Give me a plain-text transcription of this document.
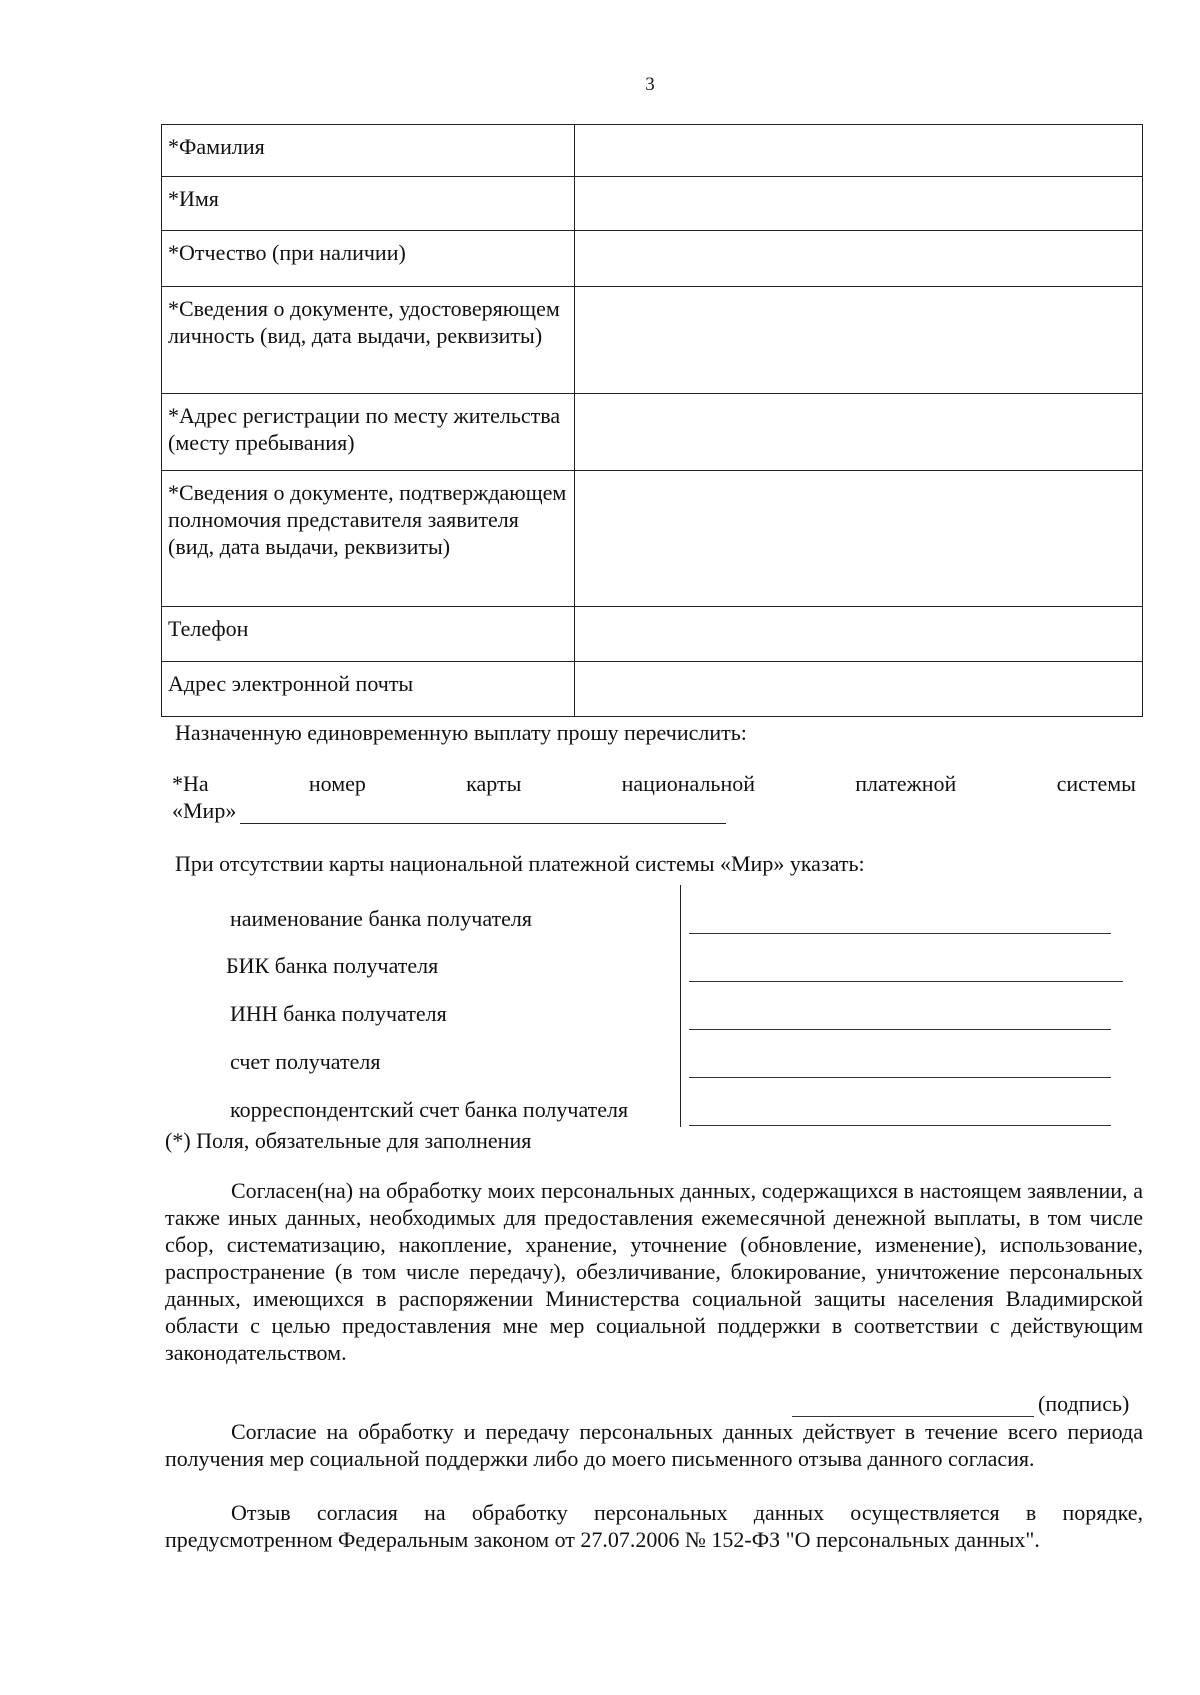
3
*Фамилия	
*Имя	
*Отчество (при наличии)	
*Сведения о документе, удостоверяющем личность (вид, дата выдачи, реквизиты)	
*Адрес регистрации по месту жительства (месту пребывания)	
*Сведения о документе, подтверждающем полномочия представителя заявителя (вид, дата выдачи, реквизиты)	
Телефон	
Адрес электронной почты	
Назначенную единовременную выплату прошу перечислить:
*На	номер	карты	национальной	платежной	системы
«Мир»
При отсутствии карты национальной платежной системы «Мир» указать:
наименование банка получателя
БИК банка получателя
ИНН банка получателя
счет получателя
корреспондентский счет банка получателя
(*) Поля, обязательные для заполнения

Согласен(на) на обработку моих персональных данных, содержащихся в настоящем заявлении, а также иных данных, необходимых для предоставления ежемесячной денежной выплаты, в том числе сбор, систематизацию, накопление, хранение, уточнение (обновление, изменение), использование, распространение (в том числе передачу), обезличивание, блокирование, уничтожение персональных данных, имеющихся в распоряжении Министерства социальной защиты населения Владимирской области с целью предоставления мне мер социальной поддержки в соответствии с действующим законодательством.

(подпись)

Согласие на обработку и передачу персональных данных действует в течение всего периода получения мер социальной поддержки либо до моего письменного отзыва данного согласия.

Отзыв согласия на обработку персональных данных осуществляется в порядке, предусмотренном Федеральным законом от 27.07.2006 № 152-ФЗ "О персональных данных".
